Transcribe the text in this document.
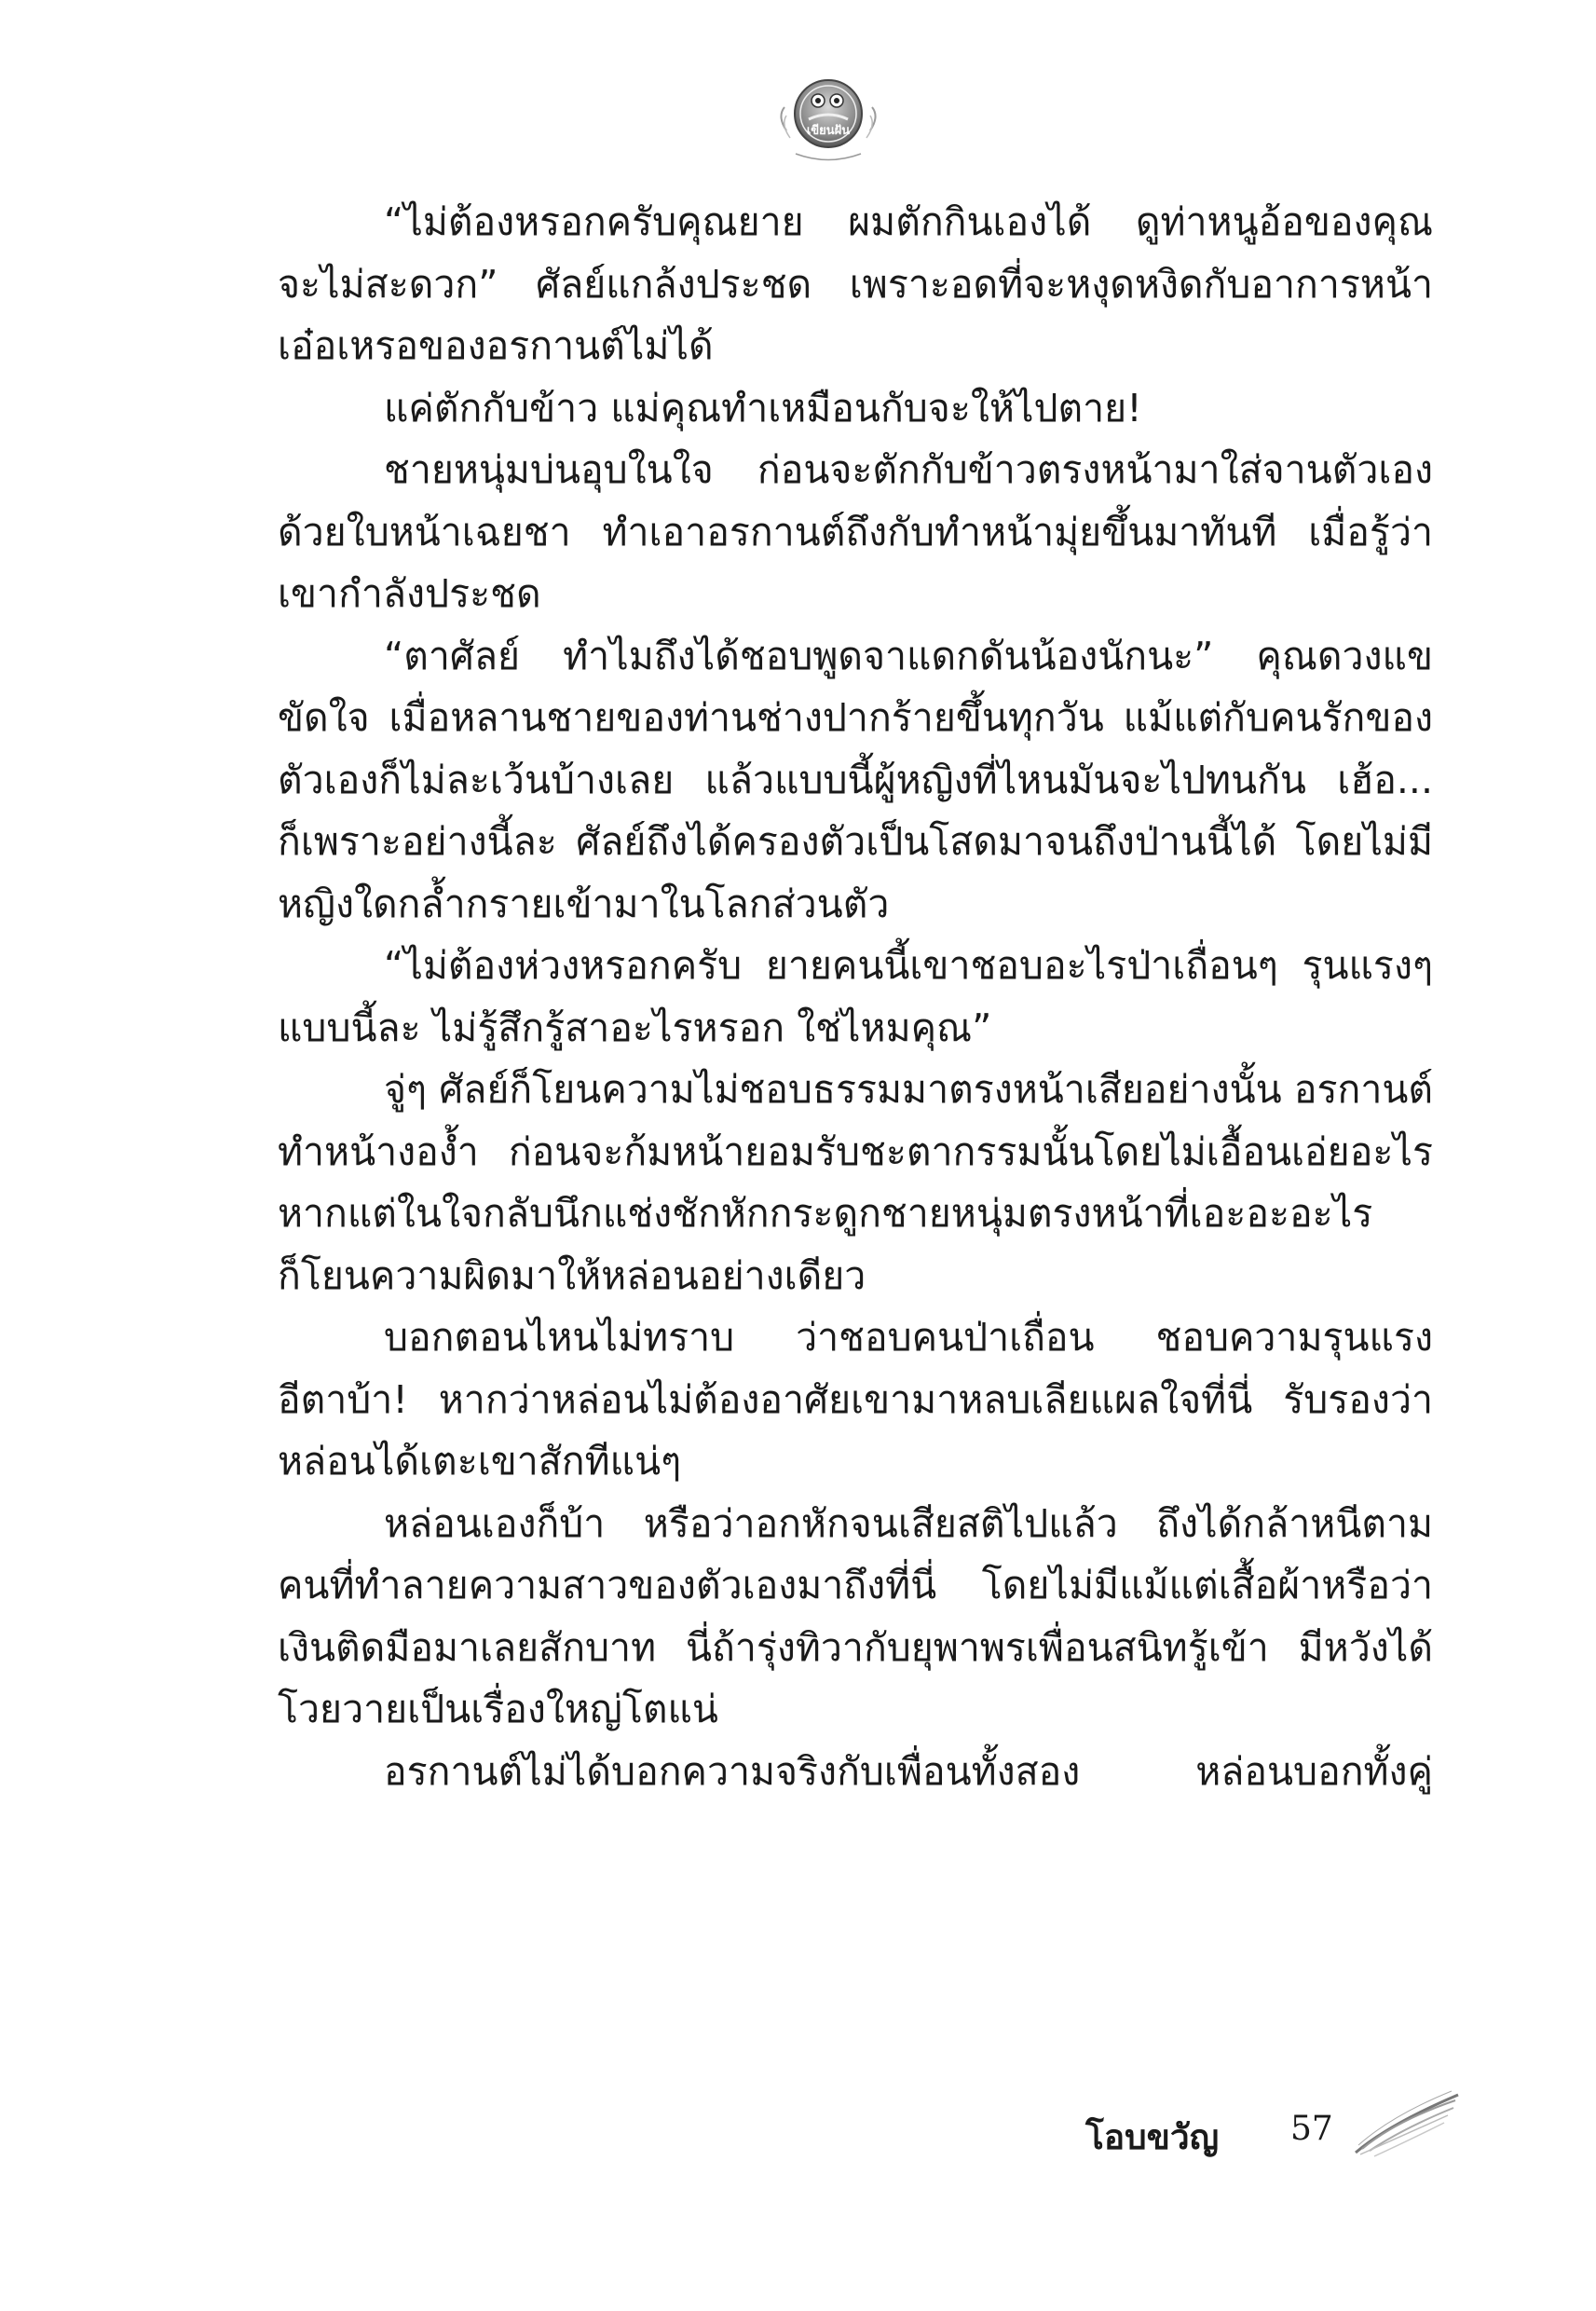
เขียนฝัน
“ไม่ต้องหรอกครับคุณยาย ผมตักกินเองได้ ดูท่าหนูอ้อของคุณ
จะไม่สะดวก” ศัลย์แกล้งประชด เพราะอดที่จะหงุดหงิดกับอาการหน้า
เอ๋อเหรอของอรกานต์ไม่ได้
แค่ตักกับข้าว แม่คุณทำเหมือนกับจะให้ไปตาย!
ชายหนุ่มบ่นอุบในใจ ก่อนจะตักกับข้าวตรงหน้ามาใส่จานตัวเอง
ด้วยใบหน้าเฉยชา ทำเอาอรกานต์ถึงกับทำหน้ามุ่ยขึ้นมาทันที เมื่อรู้ว่า
เขากำลังประชด
“ตาศัลย์ ทำไมถึงได้ชอบพูดจาแดกดันน้องนักนะ” คุณดวงแข
ขัดใจ เมื่อหลานชายของท่านช่างปากร้ายขึ้นทุกวัน แม้แต่กับคนรักของ
ตัวเองก็ไม่ละเว้นบ้างเลย แล้วแบบนี้ผู้หญิงที่ไหนมันจะไปทนกัน เฮ้อ...
ก็เพราะอย่างนี้ละ ศัลย์ถึงได้ครองตัวเป็นโสดมาจนถึงป่านนี้ได้ โดยไม่มี
หญิงใดกล้ำกรายเข้ามาในโลกส่วนตัว
“ไม่ต้องห่วงหรอกครับ ยายคนนี้เขาชอบอะไรป่าเถื่อนๆ รุนแรงๆ
แบบนี้ละ ไม่รู้สึกรู้สาอะไรหรอก ใช่ไหมคุณ”
จู่ๆ ศัลย์ก็โยนความไม่ชอบธรรมมาตรงหน้าเสียอย่างนั้น อรกานต์
ทำหน้างอง้ำ ก่อนจะก้มหน้ายอมรับชะตากรรมนั้นโดยไม่เอื้อนเอ่ยอะไร
หากแต่ในใจกลับนึกแช่งชักหักกระดูกชายหนุ่มตรงหน้าที่เอะอะอะไร
ก็โยนความผิดมาให้หล่อนอย่างเดียว
บอกตอนไหนไม่ทราบ ว่าชอบคนป่าเถื่อน ชอบความรุนแรง
อีตาบ้า! หากว่าหล่อนไม่ต้องอาศัยเขามาหลบเลียแผลใจที่นี่ รับรองว่า
หล่อนได้เตะเขาสักทีแน่ๆ
หล่อนเองก็บ้า หรือว่าอกหักจนเสียสติไปแล้ว ถึงได้กล้าหนีตาม
คนที่ทำลายความสาวของตัวเองมาถึงที่นี่ โดยไม่มีแม้แต่เสื้อผ้าหรือว่า
เงินติดมือมาเลยสักบาท นี่ถ้ารุ่งทิวากับยุพาพรเพื่อนสนิทรู้เข้า มีหวังได้
โวยวายเป็นเรื่องใหญ่โตแน่
อรกานต์ไม่ได้บอกความจริงกับเพื่อนทั้งสอง หล่อนบอกทั้งคู่
โอบขวัญ 57
